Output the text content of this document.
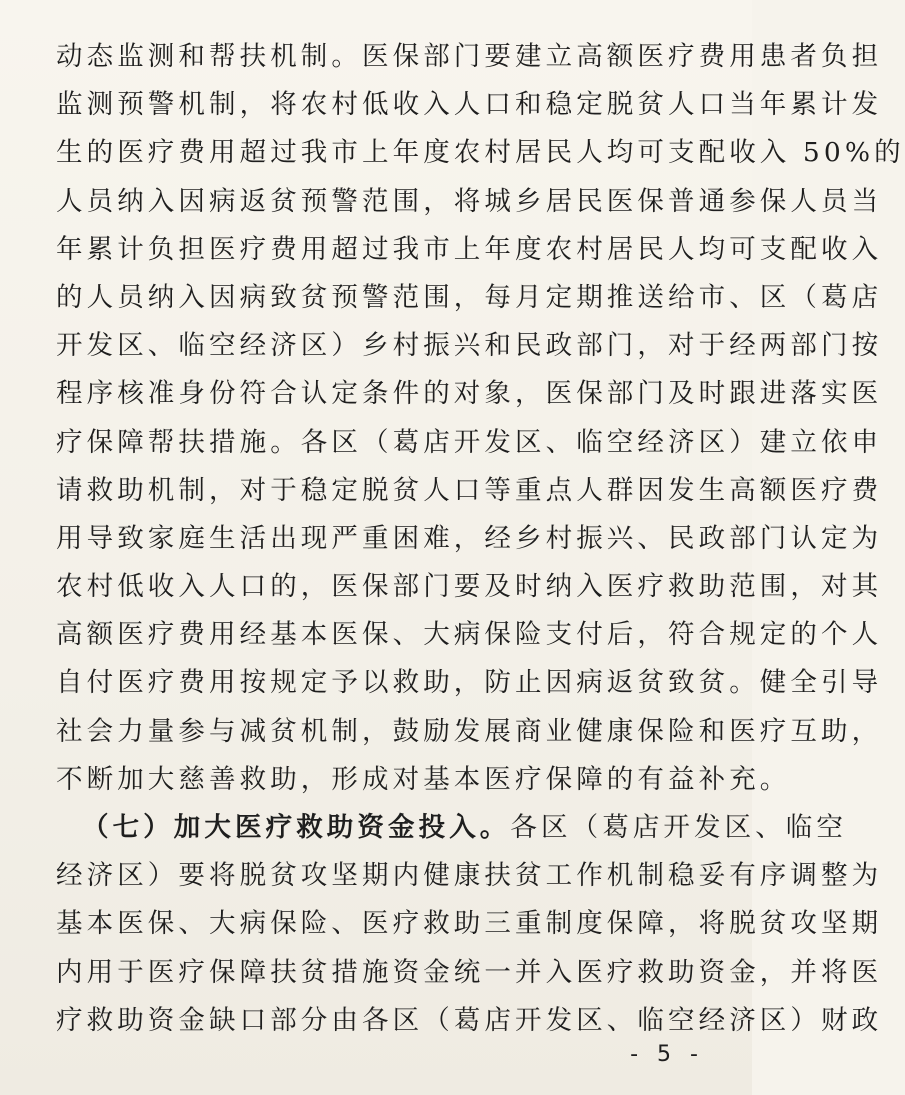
动态监测和帮扶机制。医保部门要建立高额医疗费用患者负担
监测预警机制，将农村低收入人口和稳定脱贫人口当年累计发
生的医疗费用超过我市上年度农村居民人均可支配收入 50%的
人员纳入因病返贫预警范围，将城乡居民医保普通参保人员当
年累计负担医疗费用超过我市上年度农村居民人均可支配收入
的人员纳入因病致贫预警范围，每月定期推送给市、区（葛店
开发区、临空经济区）乡村振兴和民政部门，对于经两部门按
程序核准身份符合认定条件的对象，医保部门及时跟进落实医
疗保障帮扶措施。各区（葛店开发区、临空经济区）建立依申
请救助机制，对于稳定脱贫人口等重点人群因发生高额医疗费
用导致家庭生活出现严重困难，经乡村振兴、民政部门认定为
农村低收入人口的，医保部门要及时纳入医疗救助范围，对其
高额医疗费用经基本医保、大病保险支付后，符合规定的个人
自付医疗费用按规定予以救助，防止因病返贫致贫。健全引导
社会力量参与减贫机制，鼓励发展商业健康保险和医疗互助，
不断加大慈善救助，形成对基本医疗保障的有益补充。
（七）加大医疗救助资金投入。各区（葛店开发区、临空
经济区）要将脱贫攻坚期内健康扶贫工作机制稳妥有序调整为
基本医保、大病保险、医疗救助三重制度保障，将脱贫攻坚期
内用于医疗保障扶贫措施资金统一并入医疗救助资金，并将医
疗救助资金缺口部分由各区（葛店开发区、临空经济区）财政
- 5 -
